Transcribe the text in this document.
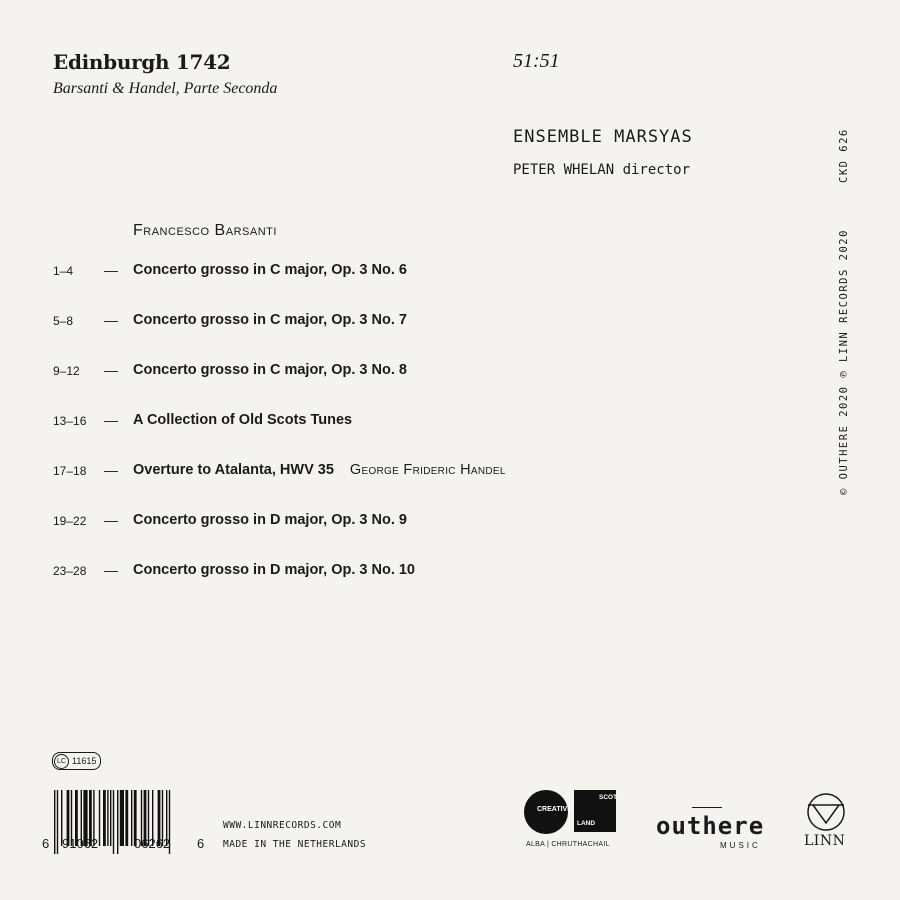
Edinburgh 1742
Barsanti & Handel, Parte Seconda
51:51
ENSEMBLE MARSYAS
PETER WHELAN director	CKD 626
© OUTHERE 2020 ℗ LINN RECORDS 2020
Francesco Barsanti
1–4 — Concerto grosso in C major, Op. 3 No. 6
5–8 — Concerto grosso in C major, Op. 3 No. 7
9–12 — Concerto grosso in C major, Op. 3 No. 8
13–16 — A Collection of Old Scots Tunes
17–18 — Overture to Atalanta, HWV 35 George Frideric Handel
19–22 — Concerto grosso in D major, Op. 3 No. 9
23–28 — Concerto grosso in D major, Op. 3 No. 10
LC 11615
6 91062	06262 6
WWW.LINNRECORDS.COM
MADE IN THE NETHERLANDS
CREATIVE
SCOT
LAND
ALBA | CHRUTHACHAIL
outhere
MUSIC	LINN
